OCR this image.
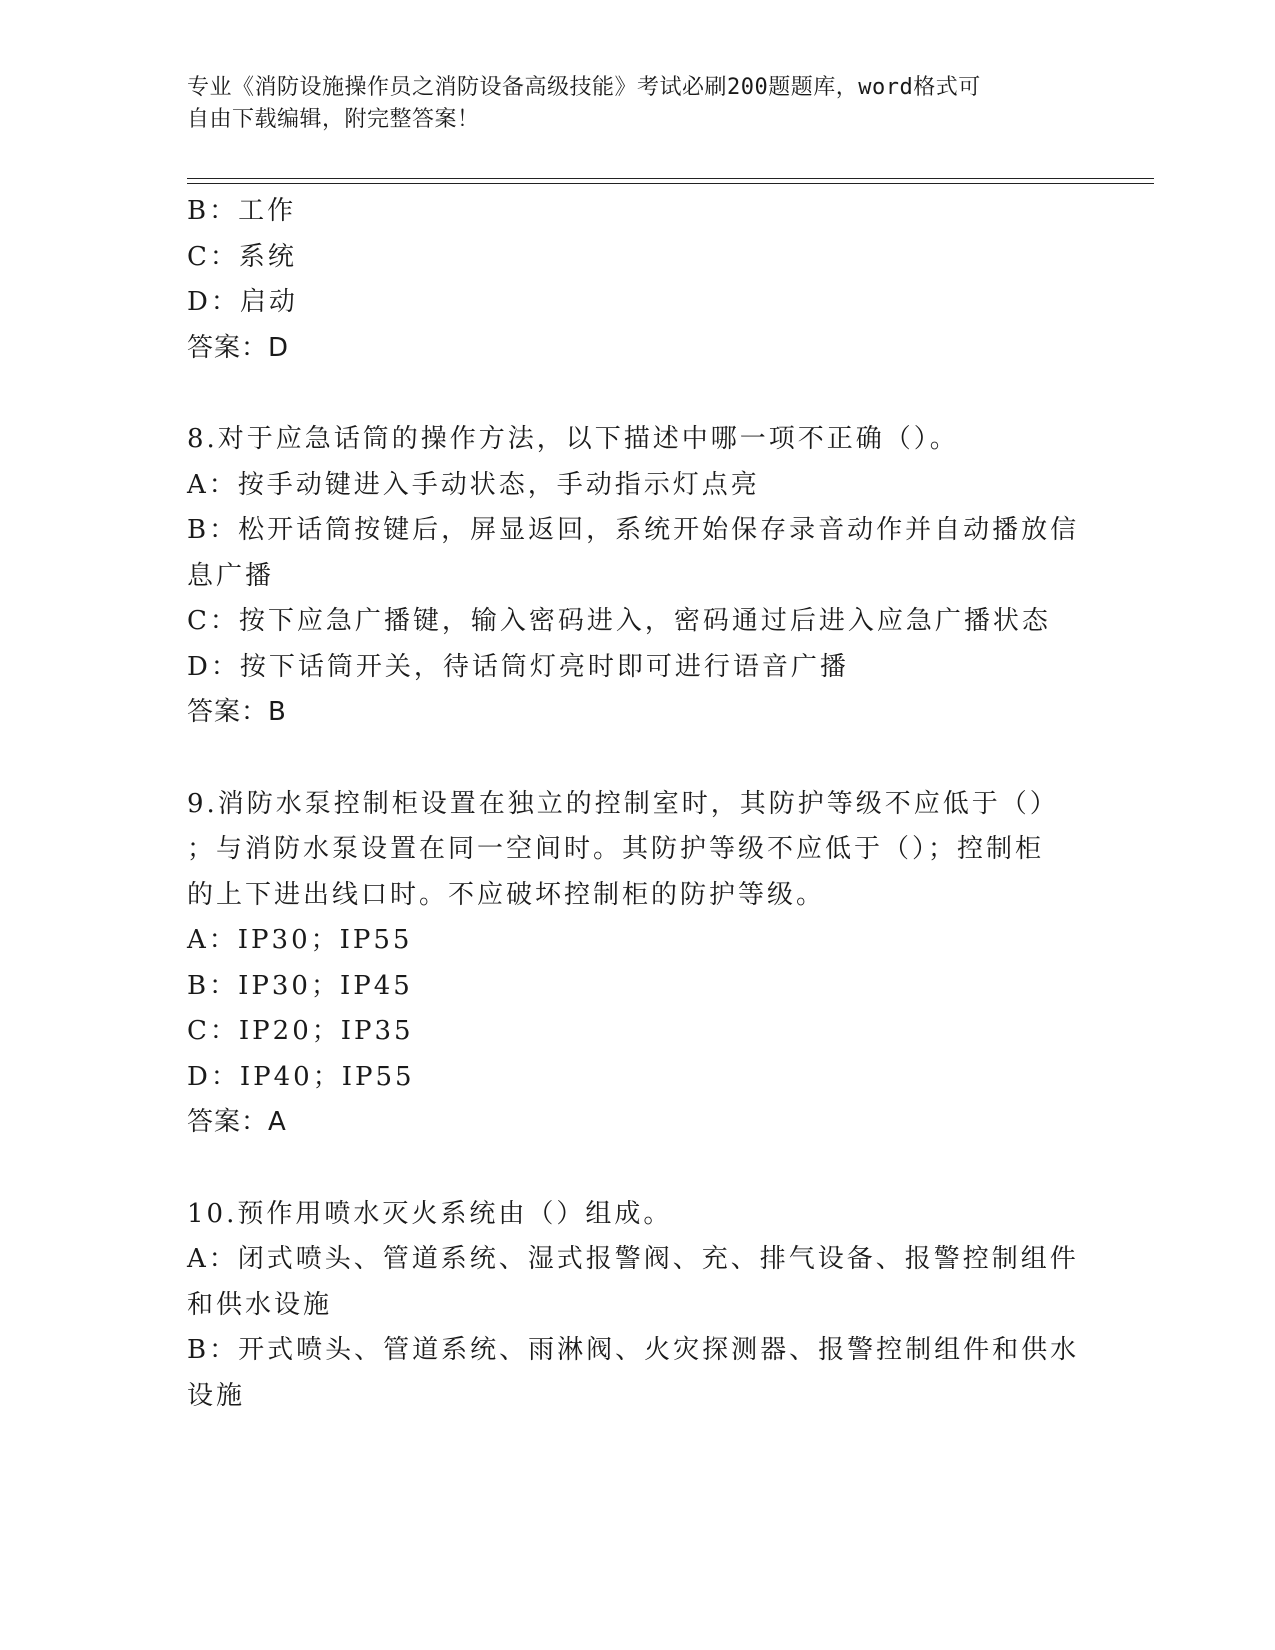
专业《消防设施操作员之消防设备高级技能》考试必刷200题题库，word格式可
自由下载编辑，附完整答案！

B：工作

C：系统

D：启动

答案：D

8.对于应急话筒的操作方法，以下描述中哪一项不正确（）。

A：按手动键进入手动状态，手动指示灯点亮

B：松开话筒按键后，屏显返回，系统开始保存录音动作并自动播放信

息广播

C：按下应急广播键，输入密码进入，密码通过后进入应急广播状态

D：按下话筒开关，待话筒灯亮时即可进行语音广播

答案：B

9.消防水泵控制柜设置在独立的控制室时，其防护等级不应低于（）

；与消防水泵设置在同一空间时。其防护等级不应低于（）；控制柜

的上下进出线口时。不应破坏控制柜的防护等级。

A：IP30；IP55

B：IP30；IP45

C：IP20；IP35

D：IP40；IP55

答案：A

10.预作用喷水灭火系统由（）组成。

A：闭式喷头、管道系统、湿式报警阀、充、排气设备、报警控制组件

和供水设施

B：开式喷头、管道系统、雨淋阀、火灾探测器、报警控制组件和供水

设施
